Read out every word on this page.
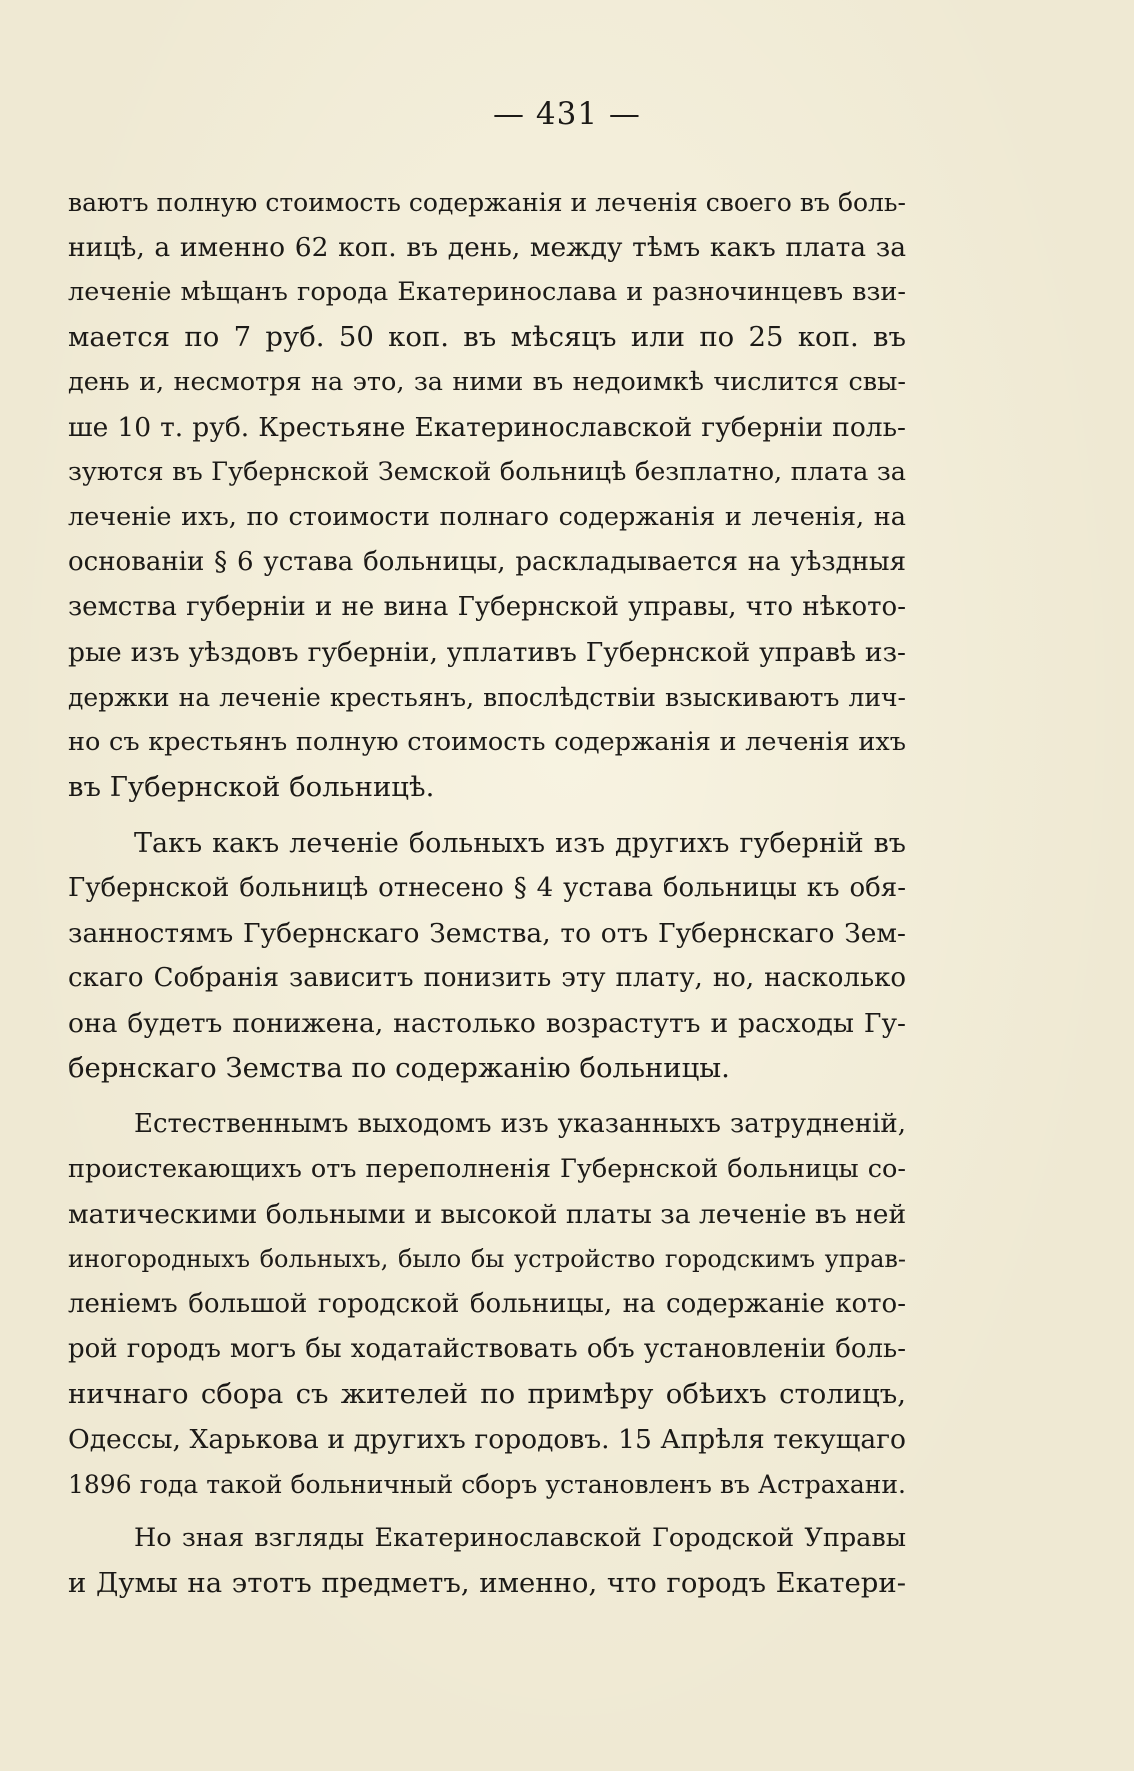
— 431 —
ваютъ полную стоимость содержанія и леченія своего въ боль-
ницѣ, а именно 62 коп. въ день, между тѣмъ какъ плата за
леченіе мѣщанъ города Екатеринослава и разночинцевъ взи-
мается по 7 руб. 50 коп. въ мѣсяцъ или по 25 коп. въ
день и, несмотря на это, за ними въ недоимкѣ числится свы-
ше 10 т. руб. Крестьяне Екатеринославской губерніи поль-
зуются въ Губернской Земской больницѣ безплатно, плата за
леченіе ихъ, по стоимости полнаго содержанія и леченія, на
основаніи § 6 устава больницы, раскладывается на уѣздныя
земства губерніи и не вина Губернской управы, что нѣкото-
рые изъ уѣздовъ губерніи, уплативъ Губернской управѣ из-
держки на леченіе крестьянъ, впослѣдствіи взыскиваютъ лич-
но съ крестьянъ полную стоимость содержанія и леченія ихъ
въ Губернской больницѣ.
Такъ какъ леченіе больныхъ изъ другихъ губерній въ
Губернской больницѣ отнесено § 4 устава больницы къ обя-
занностямъ Губернскаго Земства, то отъ Губернскаго Зем-
скаго Собранія зависитъ понизить эту плату, но, насколько
она будетъ понижена, настолько возрастутъ и расходы Гу-
бернскаго Земства по содержанію больницы.
Естественнымъ выходомъ изъ указанныхъ затрудненій,
проистекающихъ отъ переполненія Губернской больницы со-
матическими больными и высокой платы за леченіе въ ней
иногородныхъ больныхъ, было бы устройство городскимъ управ-
леніемъ большой городской больницы, на содержаніе кото-
рой городъ могъ бы ходатайствовать объ установленіи боль-
ничнаго сбора съ жителей по примѣру обѣихъ столицъ,
Одессы, Харькова и другихъ городовъ. 15 Апрѣля текущаго
1896 года такой больничный сборъ установленъ въ Астрахани.
Но зная взгляды Екатеринославской Городской Управы
и Думы на этотъ предметъ, именно, что городъ Екатери-
